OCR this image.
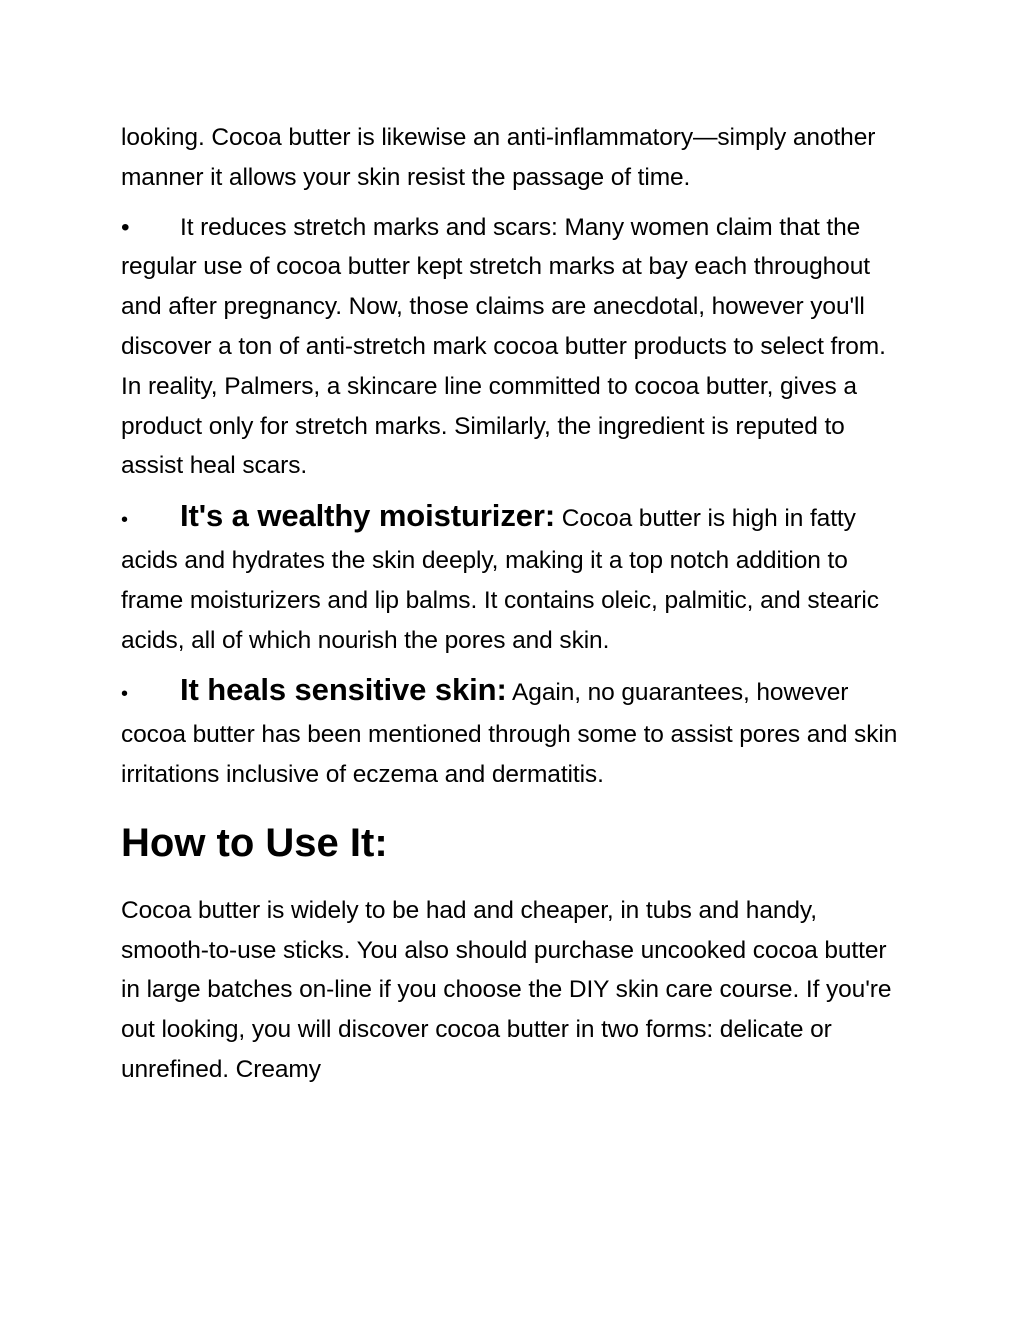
looking. Cocoa butter is likewise an anti-inflammatory—simply another manner it allows your skin resist the passage of time.

• It reduces stretch marks and scars: Many women claim that the regular use of cocoa butter kept stretch marks at bay each throughout and after pregnancy. Now, those claims are anecdotal, however you'll discover a ton of anti-stretch mark cocoa butter products to select from. In reality, Palmers, a skincare line committed to cocoa butter, gives a product only for stretch marks. Similarly, the ingredient is reputed to assist heal scars.

• It's a wealthy moisturizer: Cocoa butter is high in fatty acids and hydrates the skin deeply, making it a top notch addition to frame moisturizers and lip balms. It contains oleic, palmitic, and stearic acids, all of which nourish the pores and skin.

• It heals sensitive skin: Again, no guarantees, however cocoa butter has been mentioned through some to assist pores and skin irritations inclusive of eczema and dermatitis.

How to Use It:

Cocoa butter is widely to be had and cheaper, in tubs and handy, smooth-to-use sticks. You also should purchase uncooked cocoa butter in large batches on-line if you choose the DIY skin care course. If you're out looking, you will discover cocoa butter in two forms: delicate or unrefined. Creamy
